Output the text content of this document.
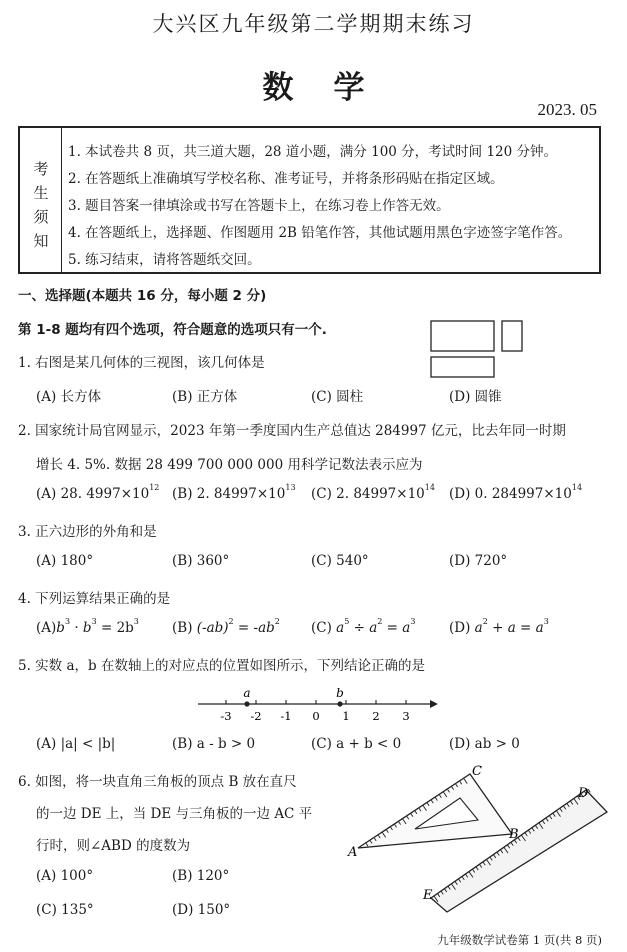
大兴区九年级第二学期期末练习
数学
2023. 05
考
生
须
知
1. 本试卷共 8 页，共三道大题，28 道小题，满分 100 分，考试时间 120 分钟。
2. 在答题纸上准确填写学校名称、准考证号，并将条形码贴在指定区域。
3. 题目答案一律填涂或书写在答题卡上，在练习卷上作答无效。
4. 在答题纸上，选择题、作图题用 2B 铅笔作答，其他试题用黑色字迹签字笔作答。
5. 练习结束，请将答题纸交回。
一、选择题(本题共 16 分，每小题 2 分)
第 1-8 题均有四个选项，符合题意的选项只有一个.
1. 右图是某几何体的三视图，该几何体是
(A) 长方体	(B) 正方体	(C) 圆柱	(D) 圆锥
2. 国家统计局官网显示，2023 年第一季度国内生产总值达 284997 亿元，比去年同一时期
增长 4. 5%. 数据 28 499 700 000 000 用科学记数法表示应为
(A) 28. $4997\times 10^{12}$ (B) 2. $84997\times 10^{13}$ (C) 2. $84997\times 10^{14}$ (D) 0. $284997\times 10^{14}$
3. 正六边形的外角和是
(A) 180°	(B) 360°	(C) 540°	(D) 720°
4. 下列运算结果正确的是
$(A)b^3 \cdot b^3 = 2b^3$ (B) $(-ab)^2 = -ab^2$ (C) $a^5 \div a^2 = a^3$ (D) $a^2 + a = a^3$
5. 实数 a，b 在数轴上的对应点的位置如图所示，下列结论正确的是
-3 -2 -1 0 1 2 3
a	b
(A) |a| < |b|	(B) a - b > 0	(C) a + b < 0	(D) ab > 0
6. 如图，将一块直角三角板的顶点 B 放在直尺
的一边 DE 上，当 DE 与三角板的一边 AC 平
行时，则∠ABD 的度数为
(A) 100°	(B) 120°
(C) 135°	(D) 150°
A
C
B
D
E
九年级数学试卷第 1 页(共 8 页)
